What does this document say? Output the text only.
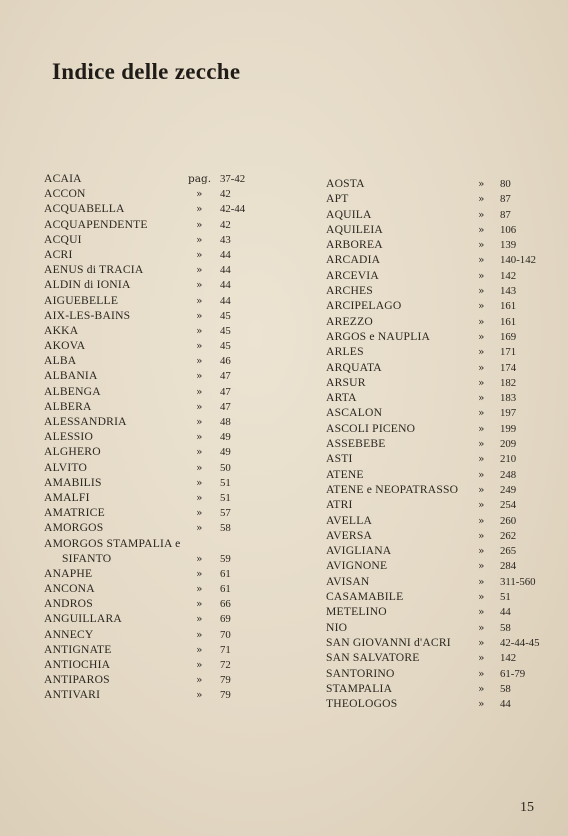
Indice delle zecche
ACAIA	pag. 37-42
ACCON	» 42
ACQUABELLA	» 42-44
ACQUAPENDENTE	» 42
ACQUI	» 43
ACRI	» 44
AENUS di TRACIA	» 44
ALDIN di IONIA	» 44
AIGUEBELLE	» 44
AIX-LES-BAINS	» 45
AKKA	» 45
AKOVA	» 45
ALBA	» 46
ALBANIA	» 47
ALBENGA	» 47
ALBERA	» 47
ALESSANDRIA	» 48
ALESSIO	» 49
ALGHERO	» 49
ALVITO	» 50
AMABILIS	» 51
AMALFI	» 51
AMATRICE	» 57
AMORGOS	» 58
AMORGOS STAMPALIA e
SIFANTO	» 59
ANAPHE	» 61
ANCONA	» 61
ANDROS	» 66
ANGUILLARA	» 69
ANNECY	» 70
ANTIGNATE	» 71
ANTIOCHIA	» 72
ANTIPAROS	» 79
ANTIVARI	» 79
AOSTA	» 80
APT	» 87
AQUILA	» 87
AQUILEIA	» 106
ARBOREA	» 139
ARCADIA	» 140-142
ARCEVIA	» 142
ARCHES	» 143
ARCIPELAGO	» 161
AREZZO	» 161
ARGOS e NAUPLIA	» 169
ARLES	» 171
ARQUATA	» 174
ARSUR	» 182
ARTA	» 183
ASCALON	» 197
ASCOLI PICENO	» 199
ASSEBEBE	» 209
ASTI	» 210
ATENE	» 248
ATENE e NEOPATRASSO » 249
ATRI	» 254
AVELLA	» 260
AVERSA	» 262
AVIGLIANA	» 265
AVIGNONE	» 284
AVISAN	» 311-560
CASAMABILE	» 51
METELINO	» 44
NIO	» 58
SAN GIOVANNI d'ACRI	» 42-44-45
SAN SALVATORE	» 142
SANTORINO	» 61-79
STAMPALIA	» 58
THEOLOGOS	» 44
15
